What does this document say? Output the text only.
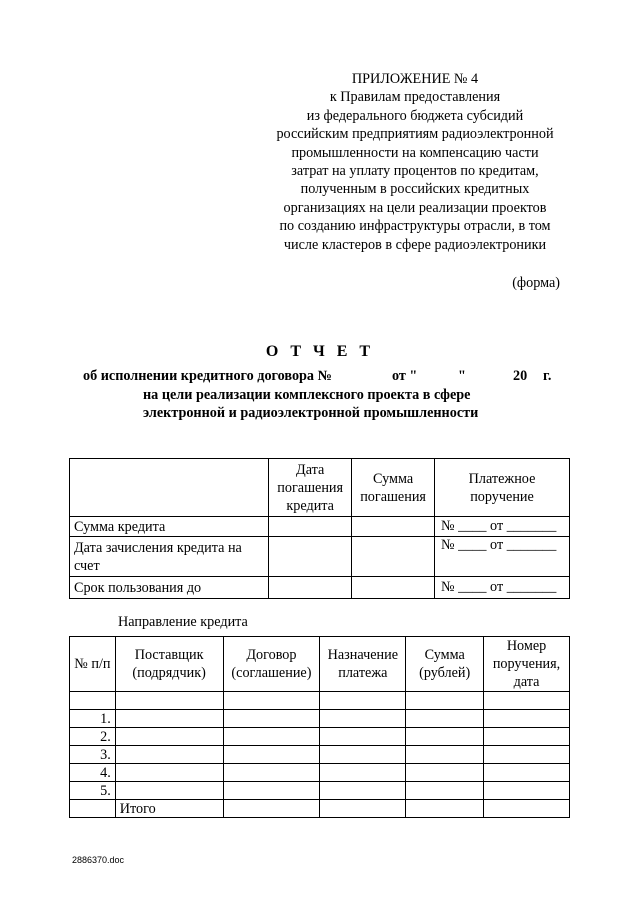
ПРИЛОЖЕНИЕ № 4
к Правилам предоставления
из федерального бюджета субсидий
российским предприятиям радиоэлектронной
промышленности на компенсацию части
затрат на уплату процентов по кредитам,
полученным в российских кредитных
организациях на цели реализации проектов
по созданию инфраструктуры отрасли, в том
числе кластеров в сфере радиоэлектроники
(форма)
ОТЧЕТ
об исполнении кредитного договора №	от "	"	20 г.
на цели реализации комплексного проекта в сфере
электронной и радиоэлектронной промышленности
	Дата погашения кредита	Сумма погашения	Платежное поручение
Сумма кредита			№ ____ от _______
Дата зачисления кредита на счет			№ ____ от _______
Срок пользования до			№ ____ от _______
Направление кредита
№ п/п	Поставщик (подрядчик)	Договор (соглашение)	Назначение платежа	Сумма (рублей)	Номер поручения, дата

1.					
2.					
3.					
4.					
5.					
	Итого				
2886370.doc
